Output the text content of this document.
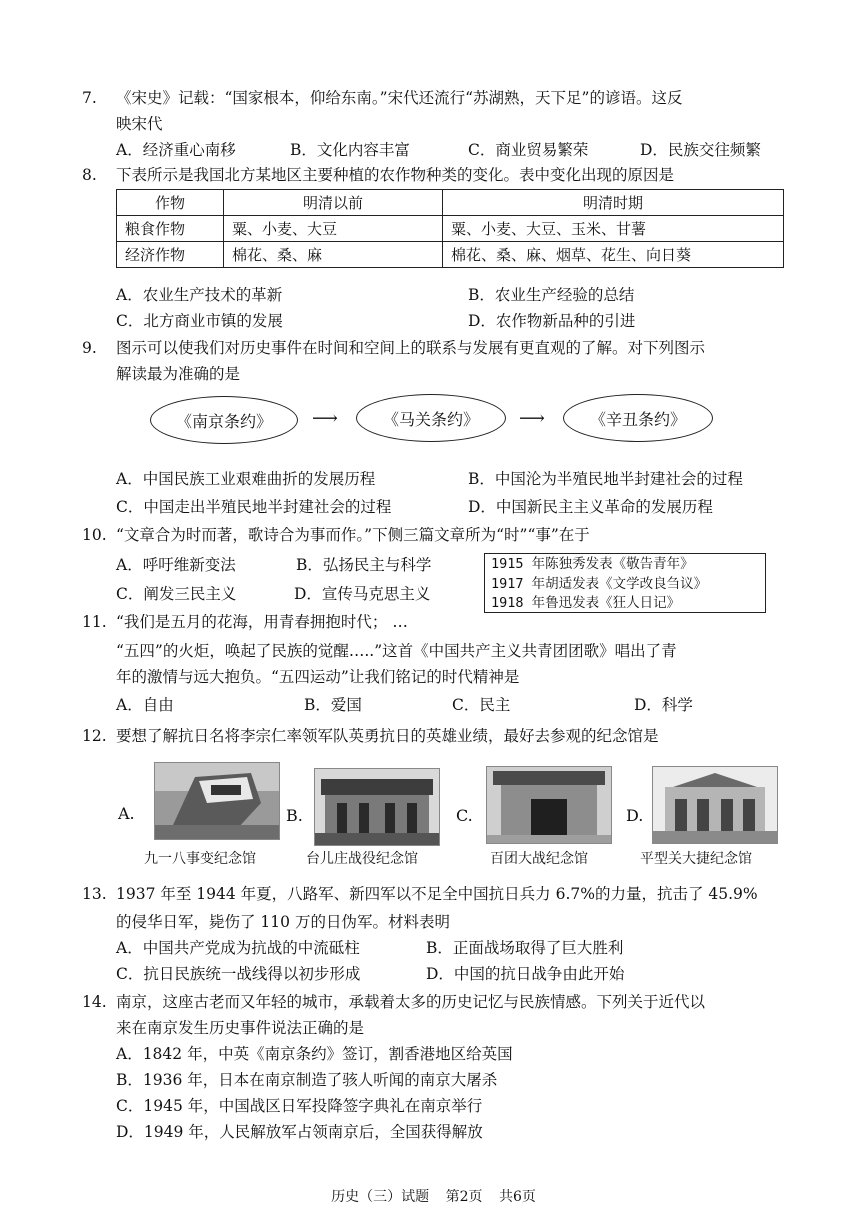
7. 《宋史》记载：“国家根本，仰给东南。”宋代还流行“苏湖熟，天下足”的谚语。这反
映宋代
A．经济重心南移	B．文化内容丰富	C．商业贸易繁荣	D．民族交往频繁
8. 下表所示是我国北方某地区主要种植的农作物种类的变化。表中变化出现的原因是
作物	明清以前	明清时期
粮食作物	粟、小麦、大豆	粟、小麦、大豆、玉米、甘薯
经济作物	棉花、桑、麻	棉花、桑、麻、烟草、花生、向日葵
A．农业生产技术的革新	B．农业生产经验的总结
C．北方商业市镇的发展	D．农作物新品种的引进
9. 图示可以使我们对历史事件在时间和空间上的联系与发展有更直观的了解。对下列图示
解读最为准确的是
《南京条约》 ⟶	《马关条约》 ⟶	《辛丑条约》
A．中国民族工业艰难曲折的发展历程	B．中国沦为半殖民地半封建社会的过程
C．中国走出半殖民地半封建社会的过程	D．中国新民主主义革命的发展历程
10. “文章合为时而著，歌诗合为事而作。”下侧三篇文章所为“时”“事”在于
A．呼吁维新变法	B．弘扬民主与科学
C．阐发三民主义	D．宣传马克思主义
1915 年陈独秀发表《敬告青年》
1917 年胡适发表《文学改良刍议》
1918 年鲁迅发表《狂人日记》
11. “我们是五月的花海，用青春拥抱时代； …
“五四”的火炬，唤起了民族的觉醒…..”这首《中国共产主义共青团团歌》唱出了青
年的激情与远大抱负。“五四运动”让我们铭记的时代精神是
A．自由	B．爱国	C．民主	D．科学
12. 要想了解抗日名将李宗仁率领军队英勇抗日的英雄业绩，最好去参观的纪念馆是
A.
九一八事变纪念馆
B.
台儿庄战役纪念馆
C.
百团大战纪念馆
D.
平型关大捷纪念馆
13. 1937 年至 1944 年夏，八路军、新四军以不足全中国抗日兵力 6.7%的力量，抗击了 45.9%
的侵华日军，毙伤了 110 万的日伪军。材料表明
A．中国共产党成为抗战的中流砥柱	B．正面战场取得了巨大胜利
C．抗日民族统一战线得以初步形成	D．中国的抗日战争由此开始
14. 南京，这座古老而又年轻的城市，承载着太多的历史记忆与民族情感。下列关于近代以
来在南京发生历史事件说法正确的是
A．1842 年，中英《南京条约》签订，割香港地区给英国
B．1936 年，日本在南京制造了骇人听闻的南京大屠杀
C．1945 年，中国战区日军投降签字典礼在南京举行
D．1949 年，人民解放军占领南京后，全国获得解放
历史（三）试题 第2页 共6页
